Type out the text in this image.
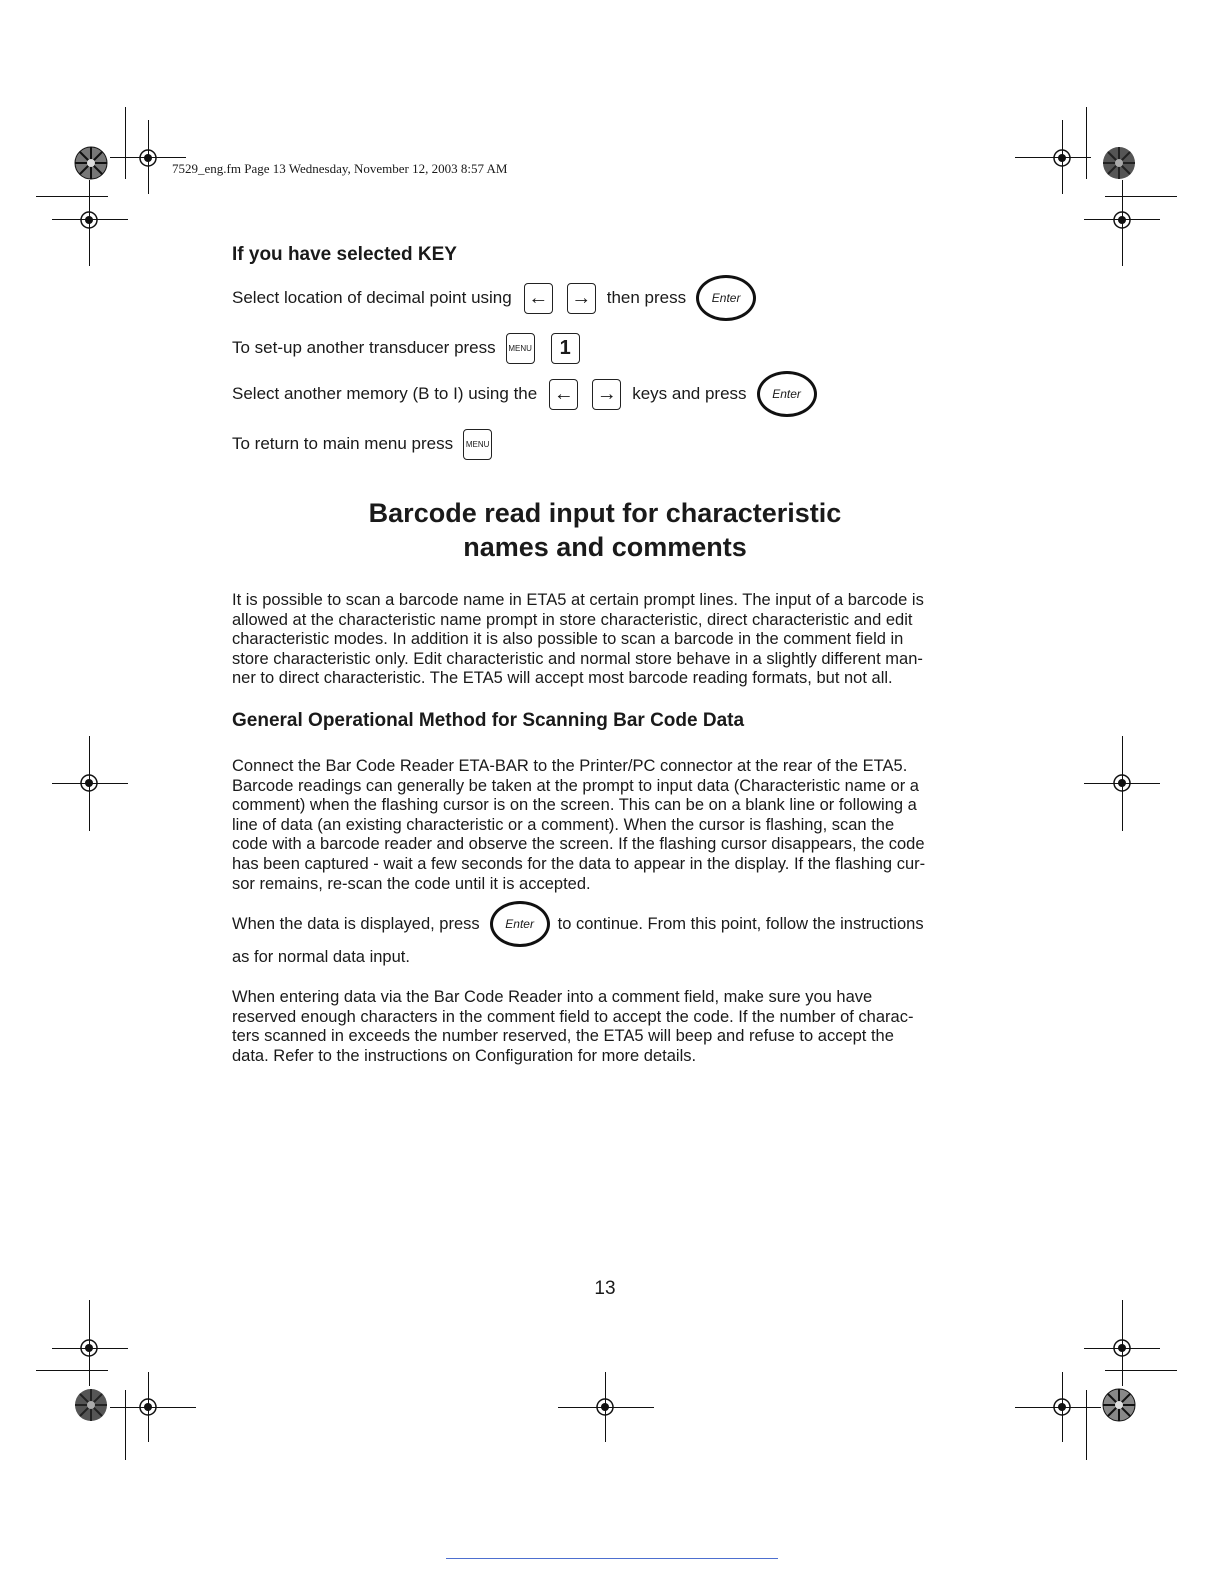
7529_eng.fm Page 13 Wednesday, November 12, 2003 8:57 AM
If you have selected KEY
Select location of decimal point using ← → then press	Enter
To set-up another transducer press	MENU	1
Select another memory (B to I) using the ← → keys and press	Enter
To return to main menu press	MENU
Barcode read input for characteristic
names and comments
It is possible to scan a barcode name in ETA5 at certain prompt lines. The input of a barcode is
allowed at the characteristic name prompt in store characteristic, direct characteristic and edit
characteristic modes. In addition it is also possible to scan a barcode in the comment field in
store characteristic only. Edit characteristic and normal store behave in a slightly different man-
ner to direct characteristic. The ETA5 will accept most barcode reading formats, but not all.
General Operational Method for Scanning Bar Code Data
Connect the Bar Code Reader ETA-BAR to the Printer/PC connector at the rear of the ETA5.
Barcode readings can generally be taken at the prompt to input data (Characteristic name or a
comment) when the flashing cursor is on the screen. This can be on a blank line or following a
line of data (an existing characteristic or a comment). When the cursor is flashing, scan the
code with a barcode reader and observe the screen. If the flashing cursor disappears, the code
has been captured - wait a few seconds for the data to appear in the display. If the flashing cur-
sor remains, re-scan the code until it is accepted.
When the data is displayed, press	Enter	to continue. From this point, follow the instructions
as for normal data input.
When entering data via the Bar Code Reader into a comment field, make sure you have
reserved enough characters in the comment field to accept the code. If the number of charac-
ters scanned in exceeds the number reserved, the ETA5 will beep and refuse to accept the
data. Refer to the instructions on Configuration for more details.
13
